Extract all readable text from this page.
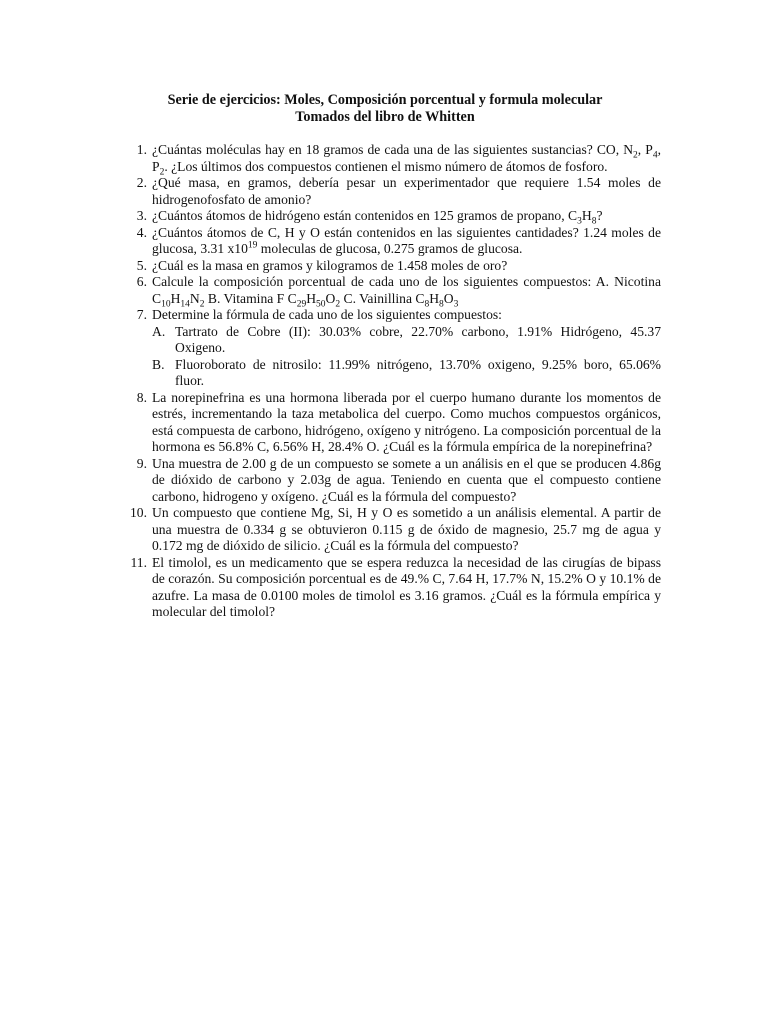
Serie de ejercicios: Moles, Composición porcentual y formula molecular
Tomados del libro de Whitten
1. ¿Cuántas moléculas hay en 18 gramos de cada una de las siguientes sustancias? CO, $N_2$, $P_4$, $P_2$. ¿Los últimos dos compuestos contienen el mismo número de átomos de fosforo.
2. ¿Qué masa, en gramos, debería pesar un experimentador que requiere 1.54 moles de hidrogenofosfato de amonio?
3. ¿Cuántos átomos de hidrógeno están contenidos en 125 gramos de propano, $C_3H_8$?
4. ¿Cuántos átomos de C, H y O están contenidos en las siguientes cantidades? 1.24 moles de glucosa, 3.31 $x10^{19}$ moleculas de glucosa, 0.275 gramos de glucosa.
5. ¿Cuál es la masa en gramos y kilogramos de 1.458 moles de oro?
6. Calcule la composición porcentual de cada uno de los siguientes compuestos: A. Nicotina $C_{10}H_{14}N_2$ B. Vitamina F $C_{29}H_{50}O_2$ C. Vainillina $C_8H_8O_3$
7. Determine la fórmula de cada uno de los siguientes compuestos:
A. Tartrato de Cobre (II): 30.03% cobre, 22.70% carbono, 1.91% Hidrógeno, 45.37 Oxigeno.
B. Fluoroborato de nitrosilo: 11.99% nitrógeno, 13.70% oxigeno, 9.25% boro, 65.06% fluor.
8. La norepinefrina es una hormona liberada por el cuerpo humano durante los momentos de estrés, incrementando la taza metabolica del cuerpo. Como muchos compuestos orgánicos, está compuesta de carbono, hidrógeno, oxígeno y nitrógeno. La composición porcentual de la hormona es 56.8% C, 6.56% H, 28.4% O. ¿Cuál es la fórmula empírica de la norepinefrina?
9. Una muestra de 2.00 g de un compuesto se somete a un análisis en el que se producen 4.86g de dióxido de carbono y 2.03g de agua. Teniendo en cuenta que el compuesto contiene carbono, hidrogeno y oxígeno. ¿Cuál es la fórmula del compuesto?
10. Un compuesto que contiene Mg, Si, H y O es sometido a un análisis elemental. A partir de una muestra de 0.334 g se obtuvieron 0.115 g de óxido de magnesio, 25.7 mg de agua y 0.172 mg de dióxido de silicio. ¿Cuál es la fórmula del compuesto?
11. El timolol, es un medicamento que se espera reduzca la necesidad de las cirugías de bipass de corazón. Su composición porcentual es de 49.% C, 7.64 H, 17.7% N, 15.2% O y 10.1% de azufre. La masa de 0.0100 moles de timolol es 3.16 gramos. ¿Cuál es la fórmula empírica y molecular del timolol?
